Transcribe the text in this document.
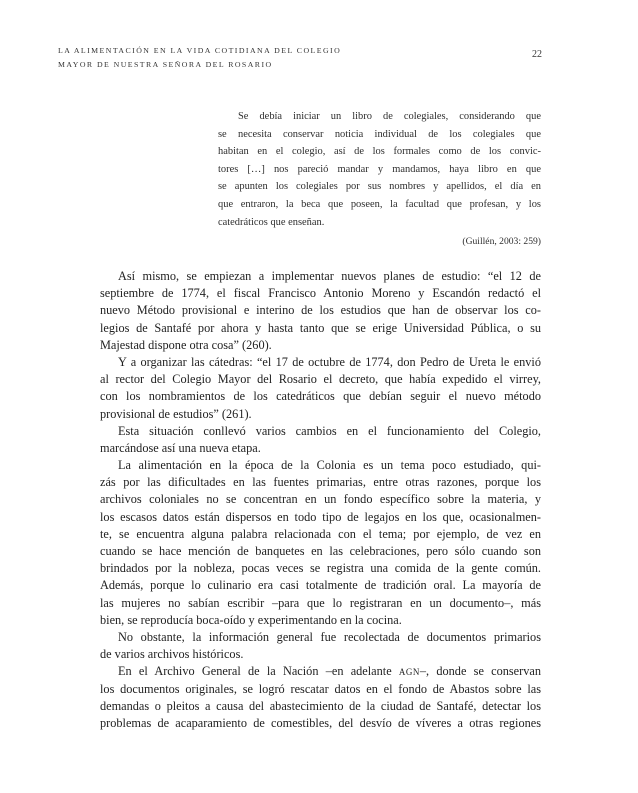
LA ALIMENTACIÓN EN LA VIDA COTIDIANA DEL COLEGIO
MAYOR DE NUESTRA SEÑORA DEL ROSARIO
22
Se debía iniciar un libro de colegiales, considerando que
se necesita conservar noticia individual de los colegiales que
habitan en el colegio, así de los formales como de los convic-
tores […] nos pareció mandar y mandamos, haya libro en que
se apunten los colegiales por sus nombres y apellidos, el día en
que entraron, la beca que poseen, la facultad que profesan, y los
catedráticos que enseñan.
(Guillén, 2003: 259)
Así mismo, se empiezan a implementar nuevos planes de estudio: “el 12 de
septiembre de 1774, el fiscal Francisco Antonio Moreno y Escandón redactó el
nuevo Método provisional e interino de los estudios que han de observar los co-
legios de Santafé por ahora y hasta tanto que se erige Universidad Pública, o su
Majestad dispone otra cosa” (260).
Y a organizar las cátedras: “el 17 de octubre de 1774, don Pedro de Ureta le envió
al rector del Colegio Mayor del Rosario el decreto, que había expedido el virrey,
con los nombramientos de los catedráticos que debían seguir el nuevo método
provisional de estudios” (261).
Esta situación conllevó varios cambios en el funcionamiento del Colegio,
marcándose así una nueva etapa.
La alimentación en la época de la Colonia es un tema poco estudiado, qui-
zás por las dificultades en las fuentes primarias, entre otras razones, porque los
archivos coloniales no se concentran en un fondo específico sobre la materia, y
los escasos datos están dispersos en todo tipo de legajos en los que, ocasionalmen-
te, se encuentra alguna palabra relacionada con el tema; por ejemplo, de vez en
cuando se hace mención de banquetes en las celebraciones, pero sólo cuando son
brindados por la nobleza, pocas veces se registra una comida de la gente común.
Además, porque lo culinario era casi totalmente de tradición oral. La mayoría de
las mujeres no sabían escribir –para que lo registraran en un documento–, más
bien, se reproducía boca-oído y experimentando en la cocina.
No obstante, la información general fue recolectada de documentos primarios
de varios archivos históricos.
En el Archivo General de la Nación –en adelante agn–, donde se conservan
los documentos originales, se logró rescatar datos en el fondo de Abastos sobre las
demandas o pleitos a causa del abastecimiento de la ciudad de Santafé, detectar los
problemas de acaparamiento de comestibles, del desvío de víveres a otras regiones
